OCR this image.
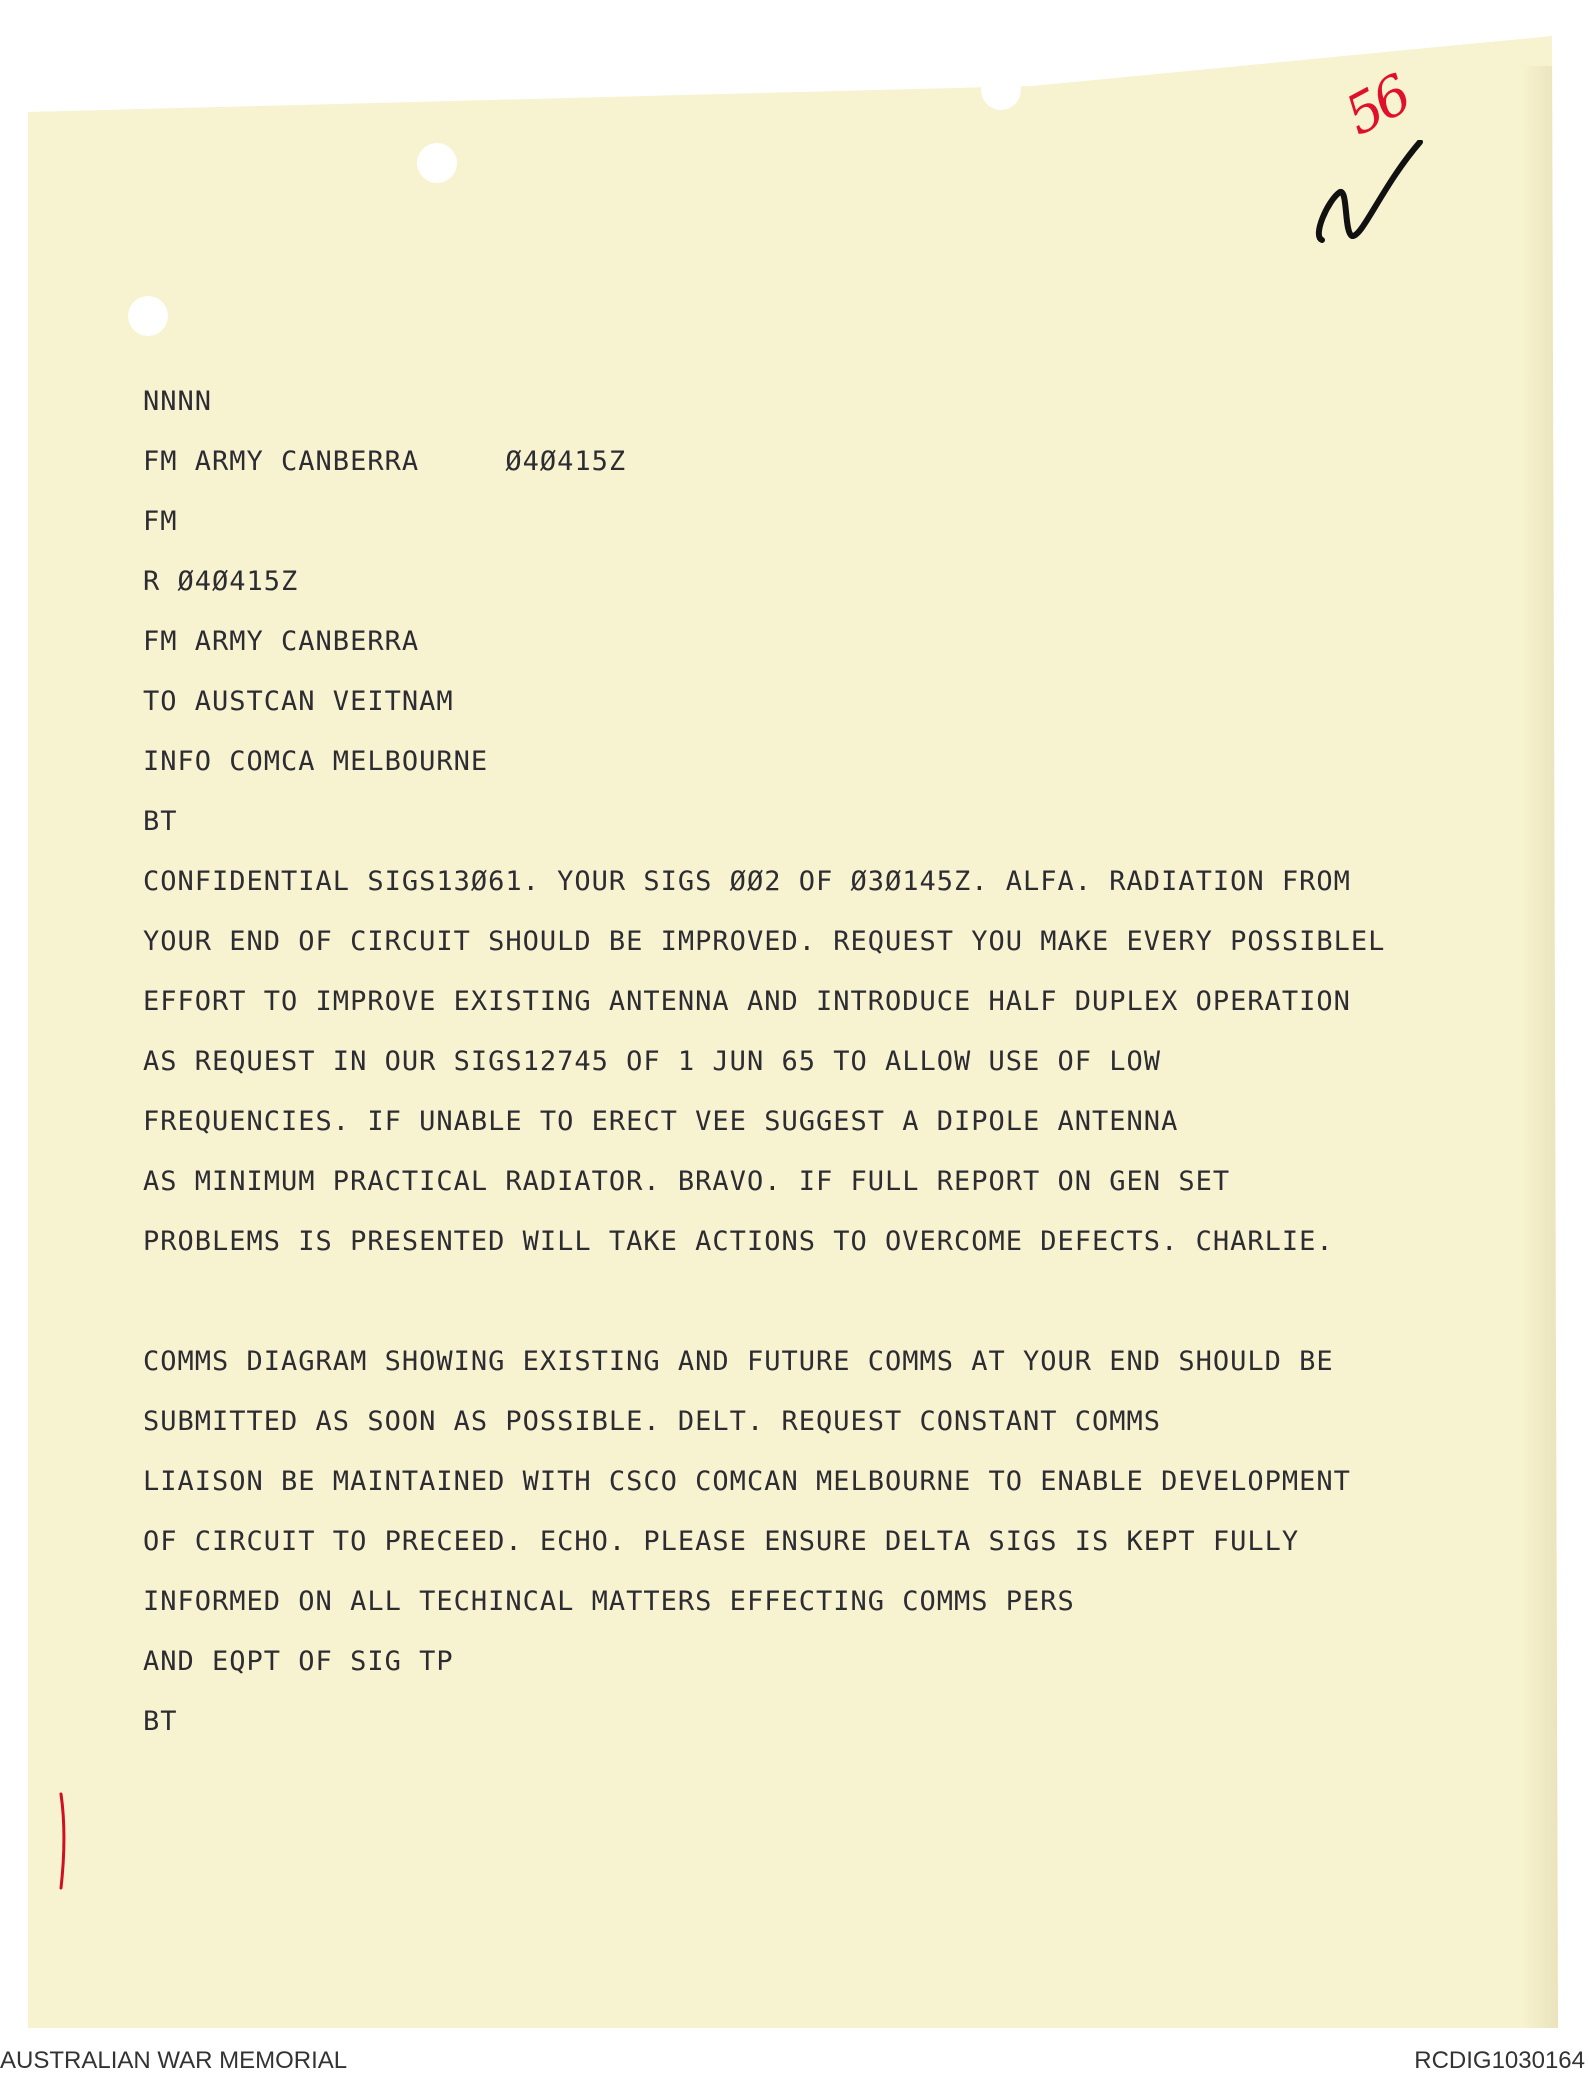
56
NNNN
FM ARMY CANBERRA     Ø4Ø415Z
FM
R Ø4Ø415Z
FM ARMY CANBERRA
TO AUSTCAN VEITNAM
INFO COMCA MELBOURNE
BT
CONFIDENTIAL SIGS13Ø61. YOUR SIGS ØØ2 OF Ø3Ø145Z. ALFA. RADIATION FROM
YOUR END OF CIRCUIT SHOULD BE IMPROVED. REQUEST YOU MAKE EVERY POSSIBLEL
EFFORT TO IMPROVE EXISTING ANTENNA AND INTRODUCE HALF DUPLEX OPERATION
AS REQUEST IN OUR SIGS12745 OF 1 JUN 65 TO ALLOW USE OF LOW
FREQUENCIES. IF UNABLE TO ERECT VEE SUGGEST A DIPOLE ANTENNA
AS MINIMUM PRACTICAL RADIATOR. BRAVO. IF FULL REPORT ON GEN SET
PROBLEMS IS PRESENTED WILL TAKE ACTIONS TO OVERCOME DEFECTS. CHARLIE.
COMMS DIAGRAM SHOWING EXISTING AND FUTURE COMMS AT YOUR END SHOULD BE
SUBMITTED AS SOON AS POSSIBLE. DELT. REQUEST CONSTANT COMMS
LIAISON BE MAINTAINED WITH CSCO COMCAN MELBOURNE TO ENABLE DEVELOPMENT
OF CIRCUIT TO PRECEED. ECHO. PLEASE ENSURE DELTA SIGS IS KEPT FULLY
INFORMED ON ALL TECHINCAL MATTERS EFFECTING COMMS PERS
AND EQPT OF SIG TP
BT
AUSTRALIAN WAR MEMORIAL	RCDIG1030164
